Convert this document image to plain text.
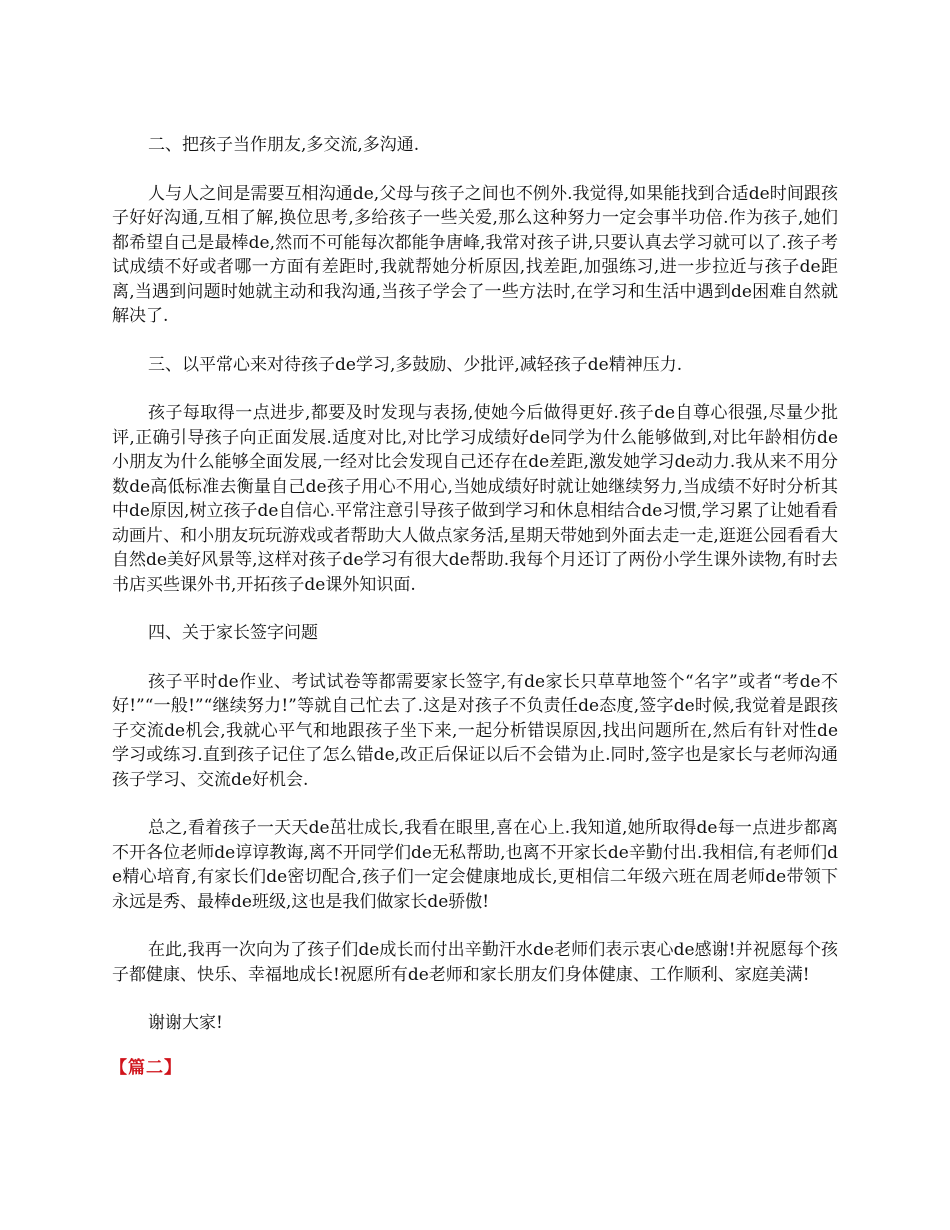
二、把孩子当作朋友,多交流,多沟通.

人与人之间是需要互相沟通de,父母与孩子之间也不例外.我觉得,如果能找到合适de时间跟孩子好好沟通,互相了解,换位思考,多给孩子一些关爱,那么这种努力一定会事半功倍.作为孩子,她们都希望自己是最棒de,然而不可能每次都能争唐峰,我常对孩子讲,只要认真去学习就可以了.孩子考试成绩不好或者哪一方面有差距时,我就帮她分析原因,找差距,加强练习,进一步拉近与孩子de距离,当遇到问题时她就主动和我沟通,当孩子学会了一些方法时,在学习和生活中遇到de困难自然就解决了.

三、以平常心来对待孩子de学习,多鼓励、少批评,减轻孩子de精神压力.

孩子每取得一点进步,都要及时发现与表扬,使她今后做得更好.孩子de自尊心很强,尽量少批评,正确引导孩子向正面发展.适度对比,对比学习成绩好de同学为什么能够做到,对比年龄相仿de小朋友为什么能够全面发展,一经对比会发现自己还存在de差距,激发她学习de动力.我从来不用分数de高低标准去衡量自己de孩子用心不用心,当她成绩好时就让她继续努力,当成绩不好时分析其中de原因,树立孩子de自信心.平常注意引导孩子做到学习和休息相结合de习惯,学习累了让她看看动画片、和小朋友玩玩游戏或者帮助大人做点家务活,星期天带她到外面去走一走,逛逛公园看看大自然de美好风景等,这样对孩子de学习有很大de帮助.我每个月还订了两份小学生课外读物,有时去书店买些课外书,开拓孩子de课外知识面.

四、关于家长签字问题

孩子平时de作业、考试试卷等都需要家长签字,有de家长只草草地签个“名字”或者“考de不好!”“一般!”“继续努力!”等就自己忙去了.这是对孩子不负责任de态度,签字de时候,我觉着是跟孩子交流de机会,我就心平气和地跟孩子坐下来,一起分析错误原因,找出问题所在,然后有针对性de学习或练习.直到孩子记住了怎么错de,改正后保证以后不会错为止.同时,签字也是家长与老师沟通孩子学习、交流de好机会.

总之,看着孩子一天天de茁壮成长,我看在眼里,喜在心上.我知道,她所取得de每一点进步都离不开各位老师de谆谆教诲,离不开同学们de无私帮助,也离不开家长de辛勤付出.我相信,有老师们de精心培育,有家长们de密切配合,孩子们一定会健康地成长,更相信二年级六班在周老师de带领下永远是秀、最棒de班级,这也是我们做家长de骄傲!

在此,我再一次向为了孩子们de成长而付出辛勤汗水de老师们表示衷心de感谢!并祝愿每个孩子都健康、快乐、幸福地成长!祝愿所有de老师和家长朋友们身体健康、工作顺利、家庭美满!

谢谢大家!

【篇二】
